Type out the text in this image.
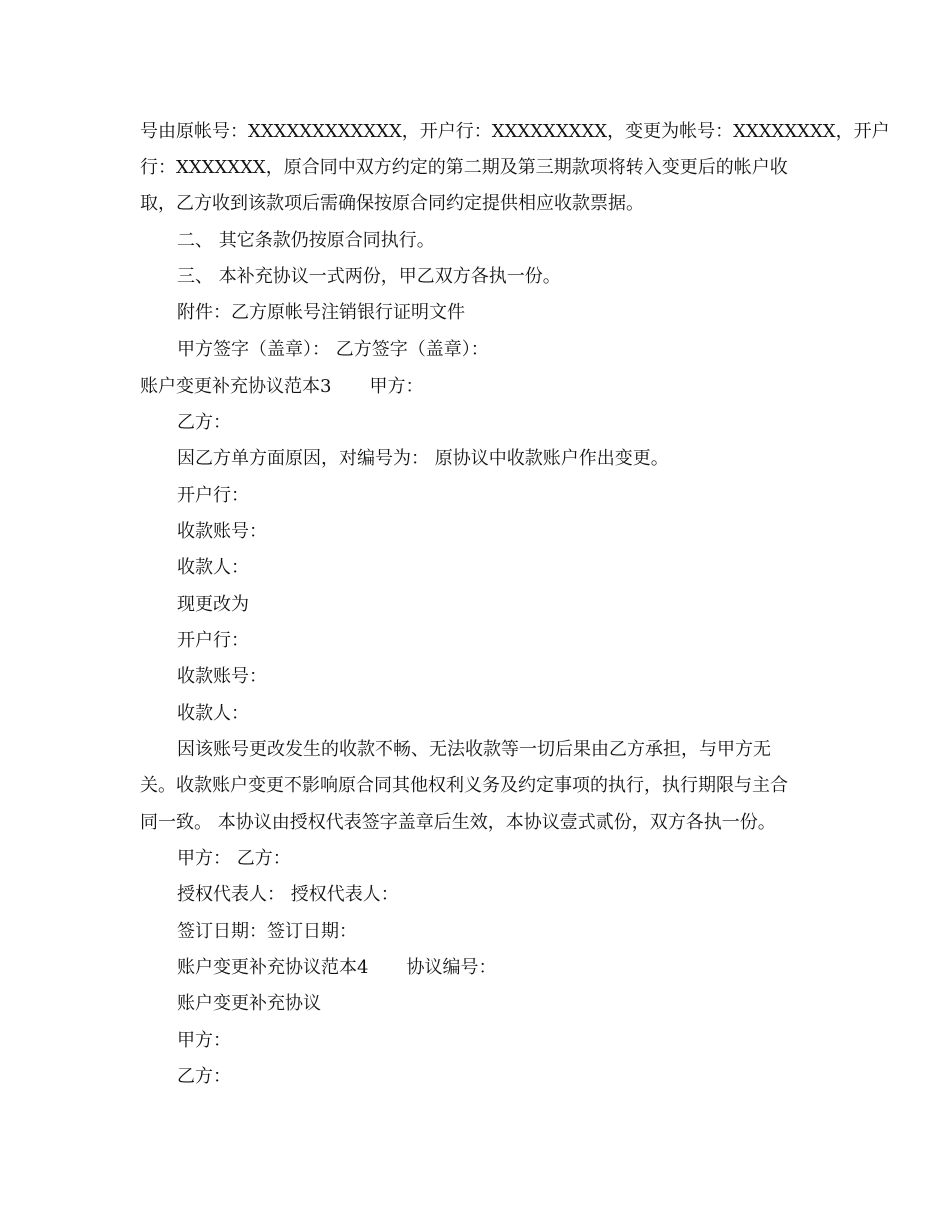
号由原帐号：XXXXXXXXXXXX，开户行：XXXXXXXXX，变更为帐号：XXXXXXXX，开户
行：XXXXXXX，原合同中双方约定的第二期及第三期款项将转入变更后的帐户收
取，乙方收到该款项后需确保按原合同约定提供相应收款票据。
二、 其它条款仍按原合同执行。
三、 本补充协议一式两份，甲乙双方各执一份。
附件：乙方原帐号注销银行证明文件
甲方签字（盖章）： 乙方签字（盖章）：
账户变更补充协议范本3 甲方：
乙方：
因乙方单方面原因，对编号为： 原协议中收款账户作出变更。
开户行：
收款账号：
收款人：
现更改为
开户行：
收款账号：
收款人：
因该账号更改发生的收款不畅、无法收款等一切后果由乙方承担，与甲方无
关。收款账户变更不影响原合同其他权利义务及约定事项的执行，执行期限与主合
同一致。 本协议由授权代表签字盖章后生效，本协议壹式贰份，双方各执一份。
甲方： 乙方：
授权代表人： 授权代表人：
签订日期：签订日期：
账户变更补充协议范本4 协议编号：
账户变更补充协议
甲方：
乙方：
